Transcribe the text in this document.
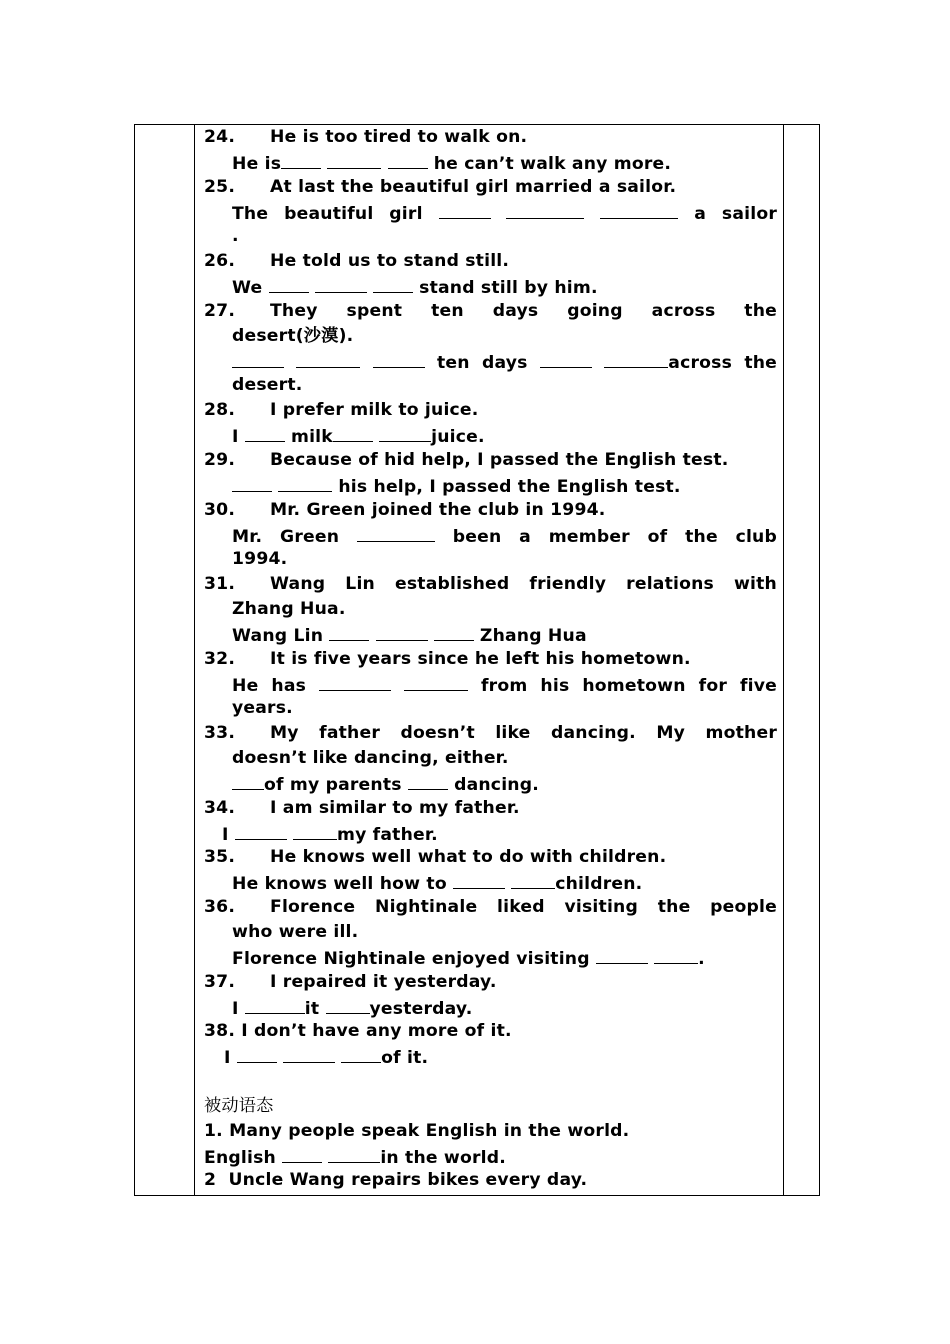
24. He is too tired to walk on.
He is	he can’t walk any more.
25. At last the beautiful girl married a sailor.
The beautiful girl	a sailor
.
26. He told us to stand still.
We	stand still by him.
27. They spent ten days going across the
desert(沙漠).
ten days	across the
desert.
28. I prefer milk to juice.
I	milk	juice.
29. Because of hid help, I passed the English test.
his help, I passed the English test.
30. Mr. Green joined the club in 1994.
Mr. Green	been a member of the club
1994.
31. Wang Lin established friendly relations with
Zhang Hua.
Wang Lin	Zhang Hua
32. It is five years since he left his hometown.
He has	from his hometown for five
years.
33. My father doesn’t like dancing. My mother
doesn’t like dancing, either.
of my parents	dancing.
34. I am similar to my father.
I	my father.
35. He knows well what to do with children.
He knows well how to	children.
36. Florence Nightinale liked visiting the people
who were ill.
Florence Nightinale enjoyed visiting	.
37. I repaired it yesterday.
I	it	yesterday.
38. I don’t have any more of it.
I	of it.
被动语态
1. Many people speak English in the world.
English	in the world.
2  Uncle Wang repairs bikes every day.
